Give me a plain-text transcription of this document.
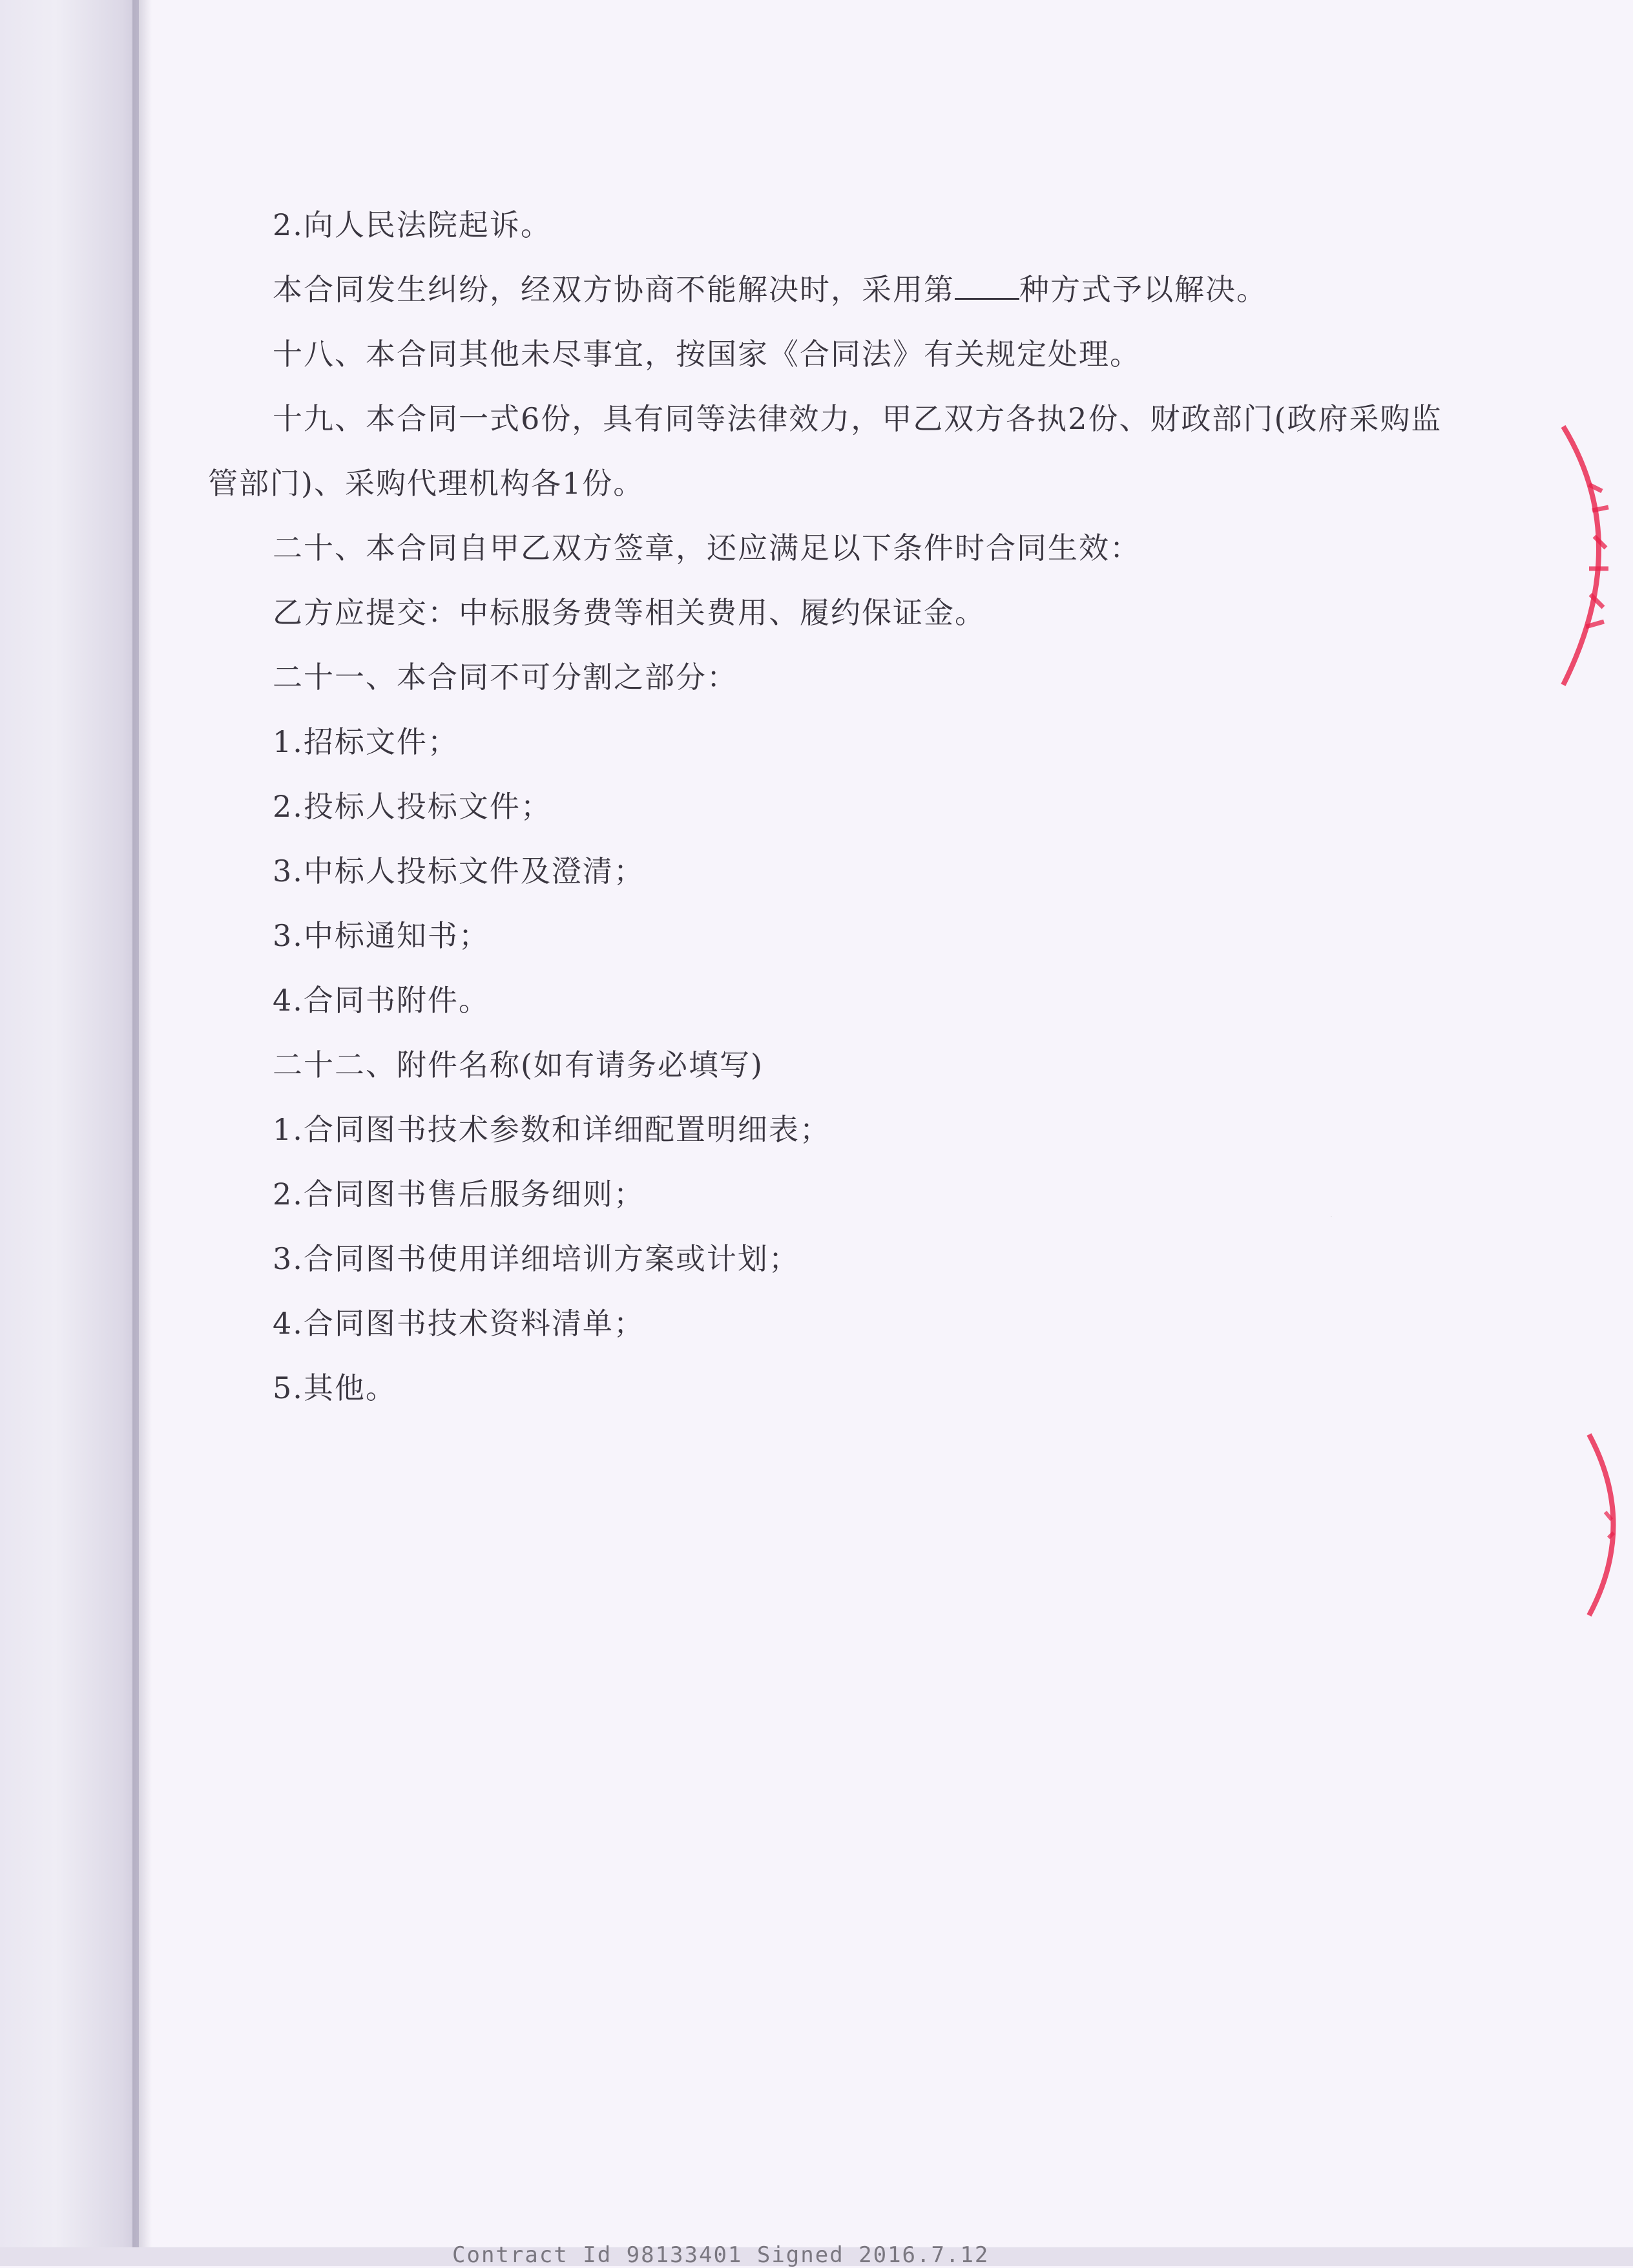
2.向人民法院起诉。
本合同发生纠纷，经双方协商不能解决时，采用第 种方式予以解决。
十八、本合同其他未尽事宜，按国家《合同法》有关规定处理。
十九、本合同一式6份，具有同等法律效力，甲乙双方各执2份、财政部门(政府采购监
管部门)、采购代理机构各1份。
二十、本合同自甲乙双方签章，还应满足以下条件时合同生效：
乙方应提交：中标服务费等相关费用、履约保证金。
二十一、本合同不可分割之部分：
1.招标文件；
2.投标人投标文件；
3.中标人投标文件及澄清；
3.中标通知书；
4.合同书附件。
二十二、附件名称(如有请务必填写)
1.合同图书技术参数和详细配置明细表；
2.合同图书售后服务细则；
3.合同图书使用详细培训方案或计划；
4.合同图书技术资料清单；
5.其他。
·
Contract Id 98133401 Signed 2016.7.12
